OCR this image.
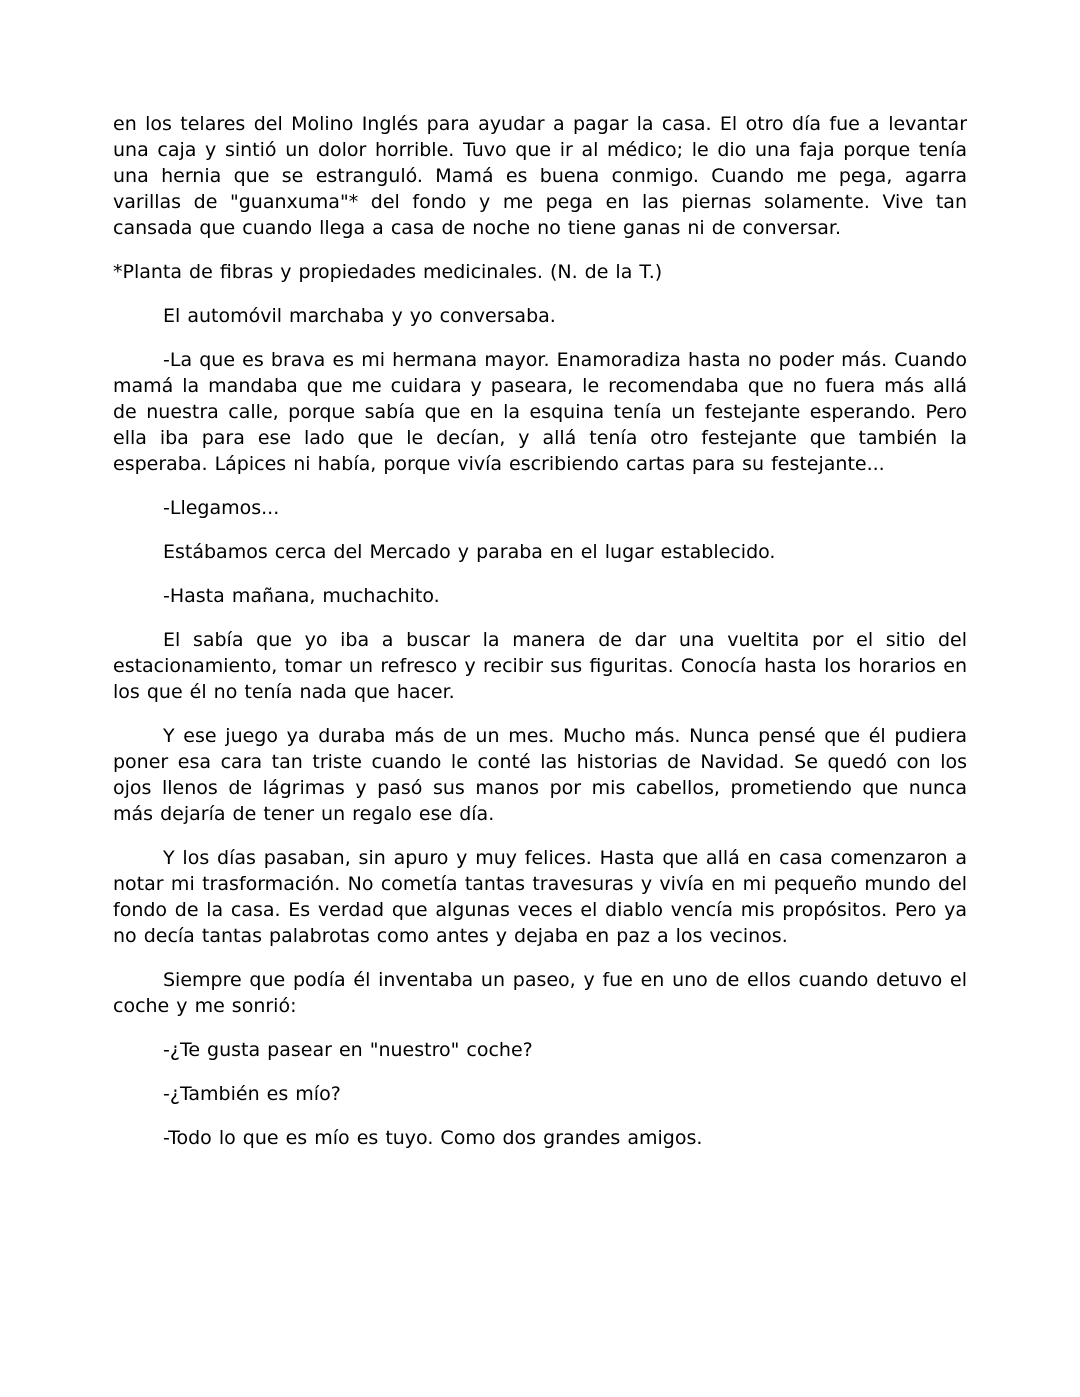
en los telares del Molino Inglés para ayudar a pagar la casa. El otro día fue a levantar una caja y sintió un dolor horrible. Tuvo que ir al médico; le dio una faja porque tenía una hernia que se estranguló. Mamá es buena conmigo. Cuando me pega, agarra varillas de "guanxuma"* del fondo y me pega en las piernas solamente. Vive tan cansada que cuando llega a casa de noche no tiene ganas ni de conversar.

*Planta de fibras y propiedades medicinales. (N. de la T.)

El automóvil marchaba y yo conversaba.

-La que es brava es mi hermana mayor. Enamoradiza hasta no poder más. Cuando mamá la mandaba que me cuidara y paseara, le recomendaba que no fuera más allá de nuestra calle, porque sabía que en la esquina tenía un festejante esperando. Pero ella iba para ese lado que le decían, y allá tenía otro festejante que también la esperaba. Lápices ni había, porque vivía escribiendo cartas para su festejante...

-Llegamos...

Estábamos cerca del Mercado y paraba en el lugar establecido.

-Hasta mañana, muchachito.

El sabía que yo iba a buscar la manera de dar una vueltita por el sitio del estacionamiento, tomar un refresco y recibir sus figuritas. Conocía hasta los horarios en los que él no tenía nada que hacer.

Y ese juego ya duraba más de un mes. Mucho más. Nunca pensé que él pudiera poner esa cara tan triste cuando le conté las historias de Navidad. Se quedó con los ojos llenos de lágrimas y pasó sus manos por mis cabellos, prometiendo que nunca más dejaría de tener un regalo ese día.

Y los días pasaban, sin apuro y muy felices. Hasta que allá en casa comenzaron a notar mi trasformación. No cometía tantas travesuras y vivía en mi pequeño mundo del fondo de la casa. Es verdad que algunas veces el diablo vencía mis propósitos. Pero ya no decía tantas palabrotas como antes y dejaba en paz a los vecinos.

Siempre que podía él inventaba un paseo, y fue en uno de ellos cuando detuvo el coche y me sonrió:

-¿Te gusta pasear en "nuestro" coche?

-¿También es mío?

-Todo lo que es mío es tuyo. Como dos grandes amigos.
